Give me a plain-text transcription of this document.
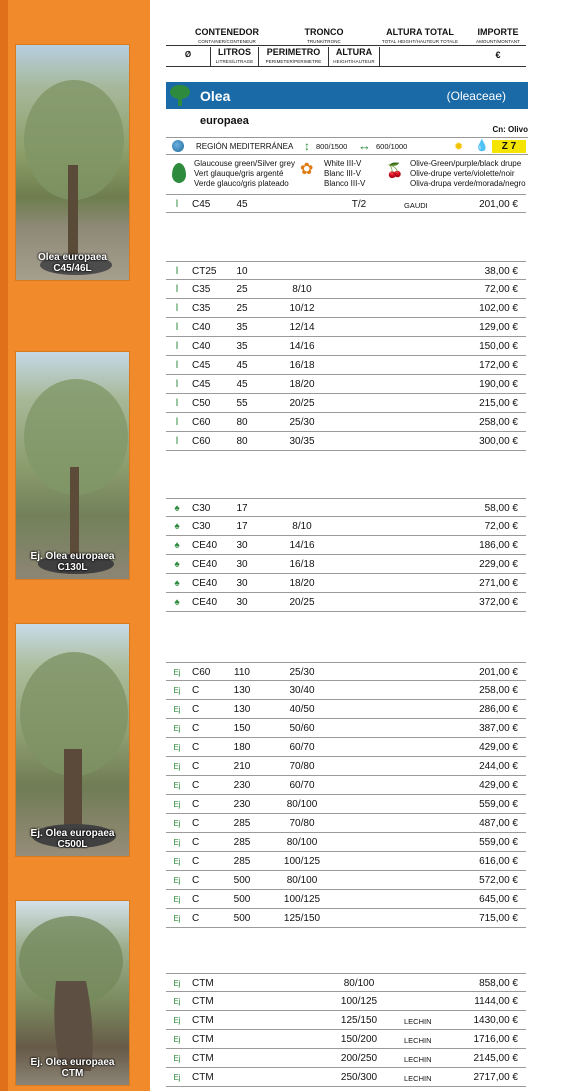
Olea europaea
C45/46L
Ej. Olea europaea
C130L
Ej. Olea europaea
C500L
Ej. Olea europaea
CTM
CONTENEDOR
CONTAINER/CONTENEUR
TRONCO
TRUNK/TRONC
ALTURA TOTAL
TOTAL HEIGHT/HAUTEUR TOTALE
IMPORTE
AMOUNT/MONTANT
Ø	LITROS
LITRES/LITRAGE
PERIMETRO
PERIMETER/PERIMETRE
ALTURA
HEIGHT/HAUTEUR
€
Olea	(Oleaceae)
europaea
Cn: Olivo
REGIÓN MEDITERRÁNEA ↕ 800/1500 ↔ 600/1000	✹ 💧	Z 7
Glaucouse green/Silver grey
Vert glauque/gris argenté
Verde glauco/gris plateado
✿ White III-V
Blanc III-V
Blanco III-V
🍒 Olive-Green/purple/black drupe
Olive-drupe verte/violette/noir
Oliva-drupa verde/morada/negro
Ⅰ	C45	45	T/2	GAUDI	201,00 €
Ⅰ	CT25	10	38,00 €
Ⅰ	C35	25	8/10	72,00 €
Ⅰ	C35	25	10/12	102,00 €
Ⅰ	C40	35	12/14	129,00 €
Ⅰ	C40	35	14/16	150,00 €
Ⅰ	C45	45	16/18	172,00 €
Ⅰ	C45	45	18/20	190,00 €
Ⅰ	C50	55	20/25	215,00 €
Ⅰ	C60	80	25/30	258,00 €
Ⅰ	C60	80	30/35	300,00 €
♠	C30	17	58,00 €
♠	C30	17	8/10	72,00 €
♠	CE40	30	14/16	186,00 €
♠	CE40	30	16/18	229,00 €
♠	CE40	30	18/20	271,00 €
♠	CE40	30	20/25	372,00 €
Ej C60	110	25/30	201,00 €
Ej C	130	30/40	258,00 €
Ej C	130	40/50	286,00 €
Ej C	150	50/60	387,00 €
Ej C	180	60/70	429,00 €
Ej C	210	70/80	244,00 €
Ej C	230	60/70	429,00 €
Ej C	230	80/100	559,00 €
Ej C	285	70/80	487,00 €
Ej C	285	80/100	559,00 €
Ej C	285	100/125	616,00 €
Ej C	500	80/100	572,00 €
Ej C	500	100/125	645,00 €
Ej C	500	125/150	715,00 €
Ej CTM	80/100	858,00 €
Ej CTM	100/125	1144,00 €
Ej CTM	125/150	LECHIN	1430,00 €
Ej CTM	150/200	LECHIN	1716,00 €
Ej CTM	200/250	LECHIN	2145,00 €
Ej CTM	250/300	LECHIN	2717,00 €
